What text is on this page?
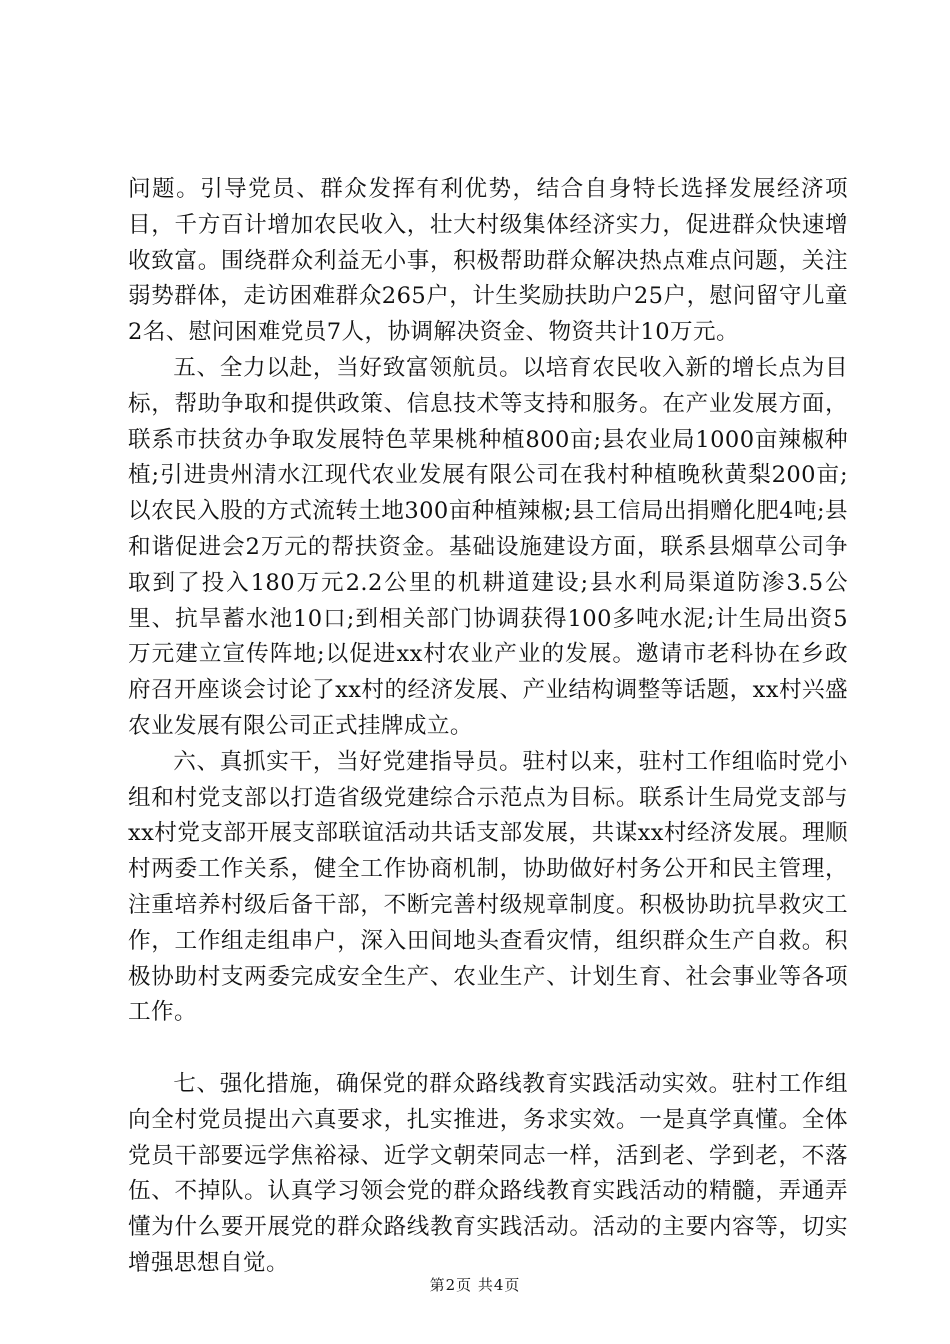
问题。引导党员、群众发挥有利优势，结合自身特长选择发展经济项目，千方百计增加农民收入，壮大村级集体经济实力，促进群众快速增收致富。围绕群众利益无小事，积极帮助群众解决热点难点问题，关注弱势群体，走访困难群众265户，计生奖励扶助户25户，慰问留守儿童2名、慰问困难党员7人，协调解决资金、物资共计10万元。

五、全力以赴，当好致富领航员。以培育农民收入新的增长点为目标，帮助争取和提供政策、信息技术等支持和服务。在产业发展方面，联系市扶贫办争取发展特色苹果桃种植800亩;县农业局1000亩辣椒种植;引进贵州清水江现代农业发展有限公司在我村种植晚秋黄梨200亩;以农民入股的方式流转土地300亩种植辣椒;县工信局出捐赠化肥4吨;县和谐促进会2万元的帮扶资金。基础设施建设方面，联系县烟草公司争取到了投入180万元2.2公里的机耕道建设;县水利局渠道防渗3.5公里、抗旱蓄水池10口;到相关部门协调获得100多吨水泥;计生局出资5万元建立宣传阵地;以促进xx村农业产业的发展。邀请市老科协在乡政府召开座谈会讨论了xx村的经济发展、产业结构调整等话题，xx村兴盛农业发展有限公司正式挂牌成立。

六、真抓实干，当好党建指导员。驻村以来，驻村工作组临时党小组和村党支部以打造省级党建综合示范点为目标。联系计生局党支部与xx村党支部开展支部联谊活动共话支部发展，共谋xx村经济发展。理顺村两委工作关系，健全工作协商机制，协助做好村务公开和民主管理，注重培养村级后备干部，不断完善村级规章制度。积极协助抗旱救灾工作，工作组走组串户，深入田间地头查看灾情，组织群众生产自救。积极协助村支两委完成安全生产、农业生产、计划生育、社会事业等各项工作。

七、强化措施，确保党的群众路线教育实践活动实效。驻村工作组向全村党员提出六真要求，扎实推进，务求实效。一是真学真懂。全体党员干部要远学焦裕禄、近学文朝荣同志一样，活到老、学到老，不落伍、不掉队。认真学习领会党的群众路线教育实践活动的精髓，弄通弄懂为什么要开展党的群众路线教育实践活动。活动的主要内容等，切实增强思想自觉。

第2页 共4页
